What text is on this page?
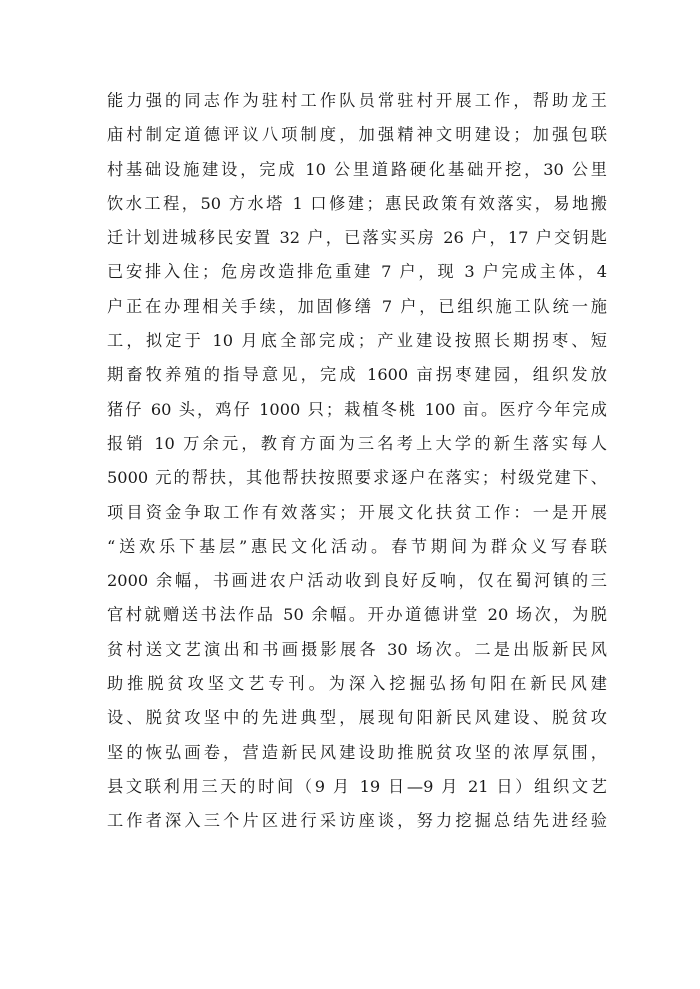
能力强的同志作为驻村工作队员常驻村开展工作，帮助龙王
庙村制定道德评议八项制度，加强精神文明建设；加强包联
村基础设施建设，完成 10 公里道路硬化基础开挖，30 公里
饮水工程，50 方水塔 1 口修建；惠民政策有效落实，易地搬
迁计划进城移民安置 32 户，已落实买房 26 户，17 户交钥匙
已安排入住；危房改造排危重建 7 户，现 3 户完成主体，4
户正在办理相关手续，加固修缮 7 户，已组织施工队统一施
工，拟定于 10 月底全部完成；产业建设按照长期拐枣、短
期畜牧养殖的指导意见，完成 1600 亩拐枣建园，组织发放
猪仔 60 头，鸡仔 1000 只；栽植冬桃 100 亩。医疗今年完成
报销 10 万余元，教育方面为三名考上大学的新生落实每人
5000 元的帮扶，其他帮扶按照要求逐户在落实；村级党建下、
项目资金争取工作有效落实；开展文化扶贫工作：一是开展
“送欢乐下基层”惠民文化活动。春节期间为群众义写春联
2000 余幅，书画进农户活动收到良好反响，仅在蜀河镇的三
官村就赠送书法作品 50 余幅。开办道德讲堂 20 场次，为脱
贫村送文艺演出和书画摄影展各 30 场次。二是出版新民风
助推脱贫攻坚文艺专刊。为深入挖掘弘扬旬阳在新民风建
设、脱贫攻坚中的先进典型，展现旬阳新民风建设、脱贫攻
坚的恢弘画卷，营造新民风建设助推脱贫攻坚的浓厚氛围，
县文联利用三天的时间（9 月 19 日—9 月 21 日）组织文艺
工作者深入三个片区进行采访座谈，努力挖掘总结先进经验
